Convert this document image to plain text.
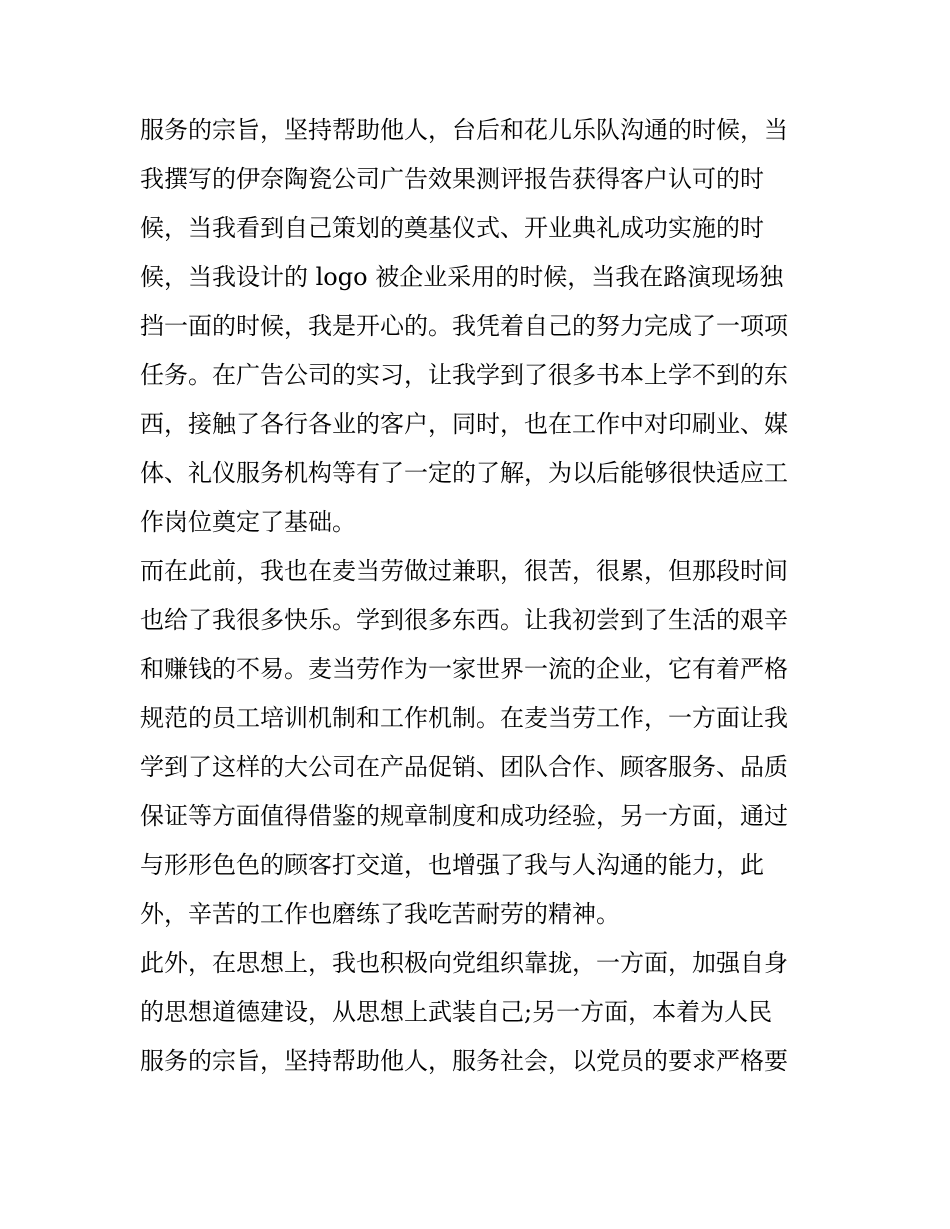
服务的宗旨，坚持帮助他人，台后和花儿乐队沟通的时候，当
我撰写的伊奈陶瓷公司广告效果测评报告获得客户认可的时
候，当我看到自己策划的奠基仪式、开业典礼成功实施的时
候，当我设计的 logo 被企业采用的时候，当我在路演现场独
挡一面的时候，我是开心的。我凭着自己的努力完成了一项项
任务。在广告公司的实习，让我学到了很多书本上学不到的东
西，接触了各行各业的客户，同时，也在工作中对印刷业、媒
体、礼仪服务机构等有了一定的了解，为以后能够很快适应工
作岗位奠定了基础。
而在此前，我也在麦当劳做过兼职，很苦，很累，但那段时间
也给了我很多快乐。学到很多东西。让我初尝到了生活的艰辛
和赚钱的不易。麦当劳作为一家世界一流的企业，它有着严格
规范的员工培训机制和工作机制。在麦当劳工作，一方面让我
学到了这样的大公司在产品促销、团队合作、顾客服务、品质
保证等方面值得借鉴的规章制度和成功经验，另一方面，通过
与形形色色的顾客打交道，也增强了我与人沟通的能力，此
外，辛苦的工作也磨练了我吃苦耐劳的精神。
此外，在思想上，我也积极向党组织靠拢，一方面，加强自身
的思想道德建设，从思想上武装自己;另一方面，本着为人民
服务的宗旨，坚持帮助他人，服务社会，以党员的要求严格要
